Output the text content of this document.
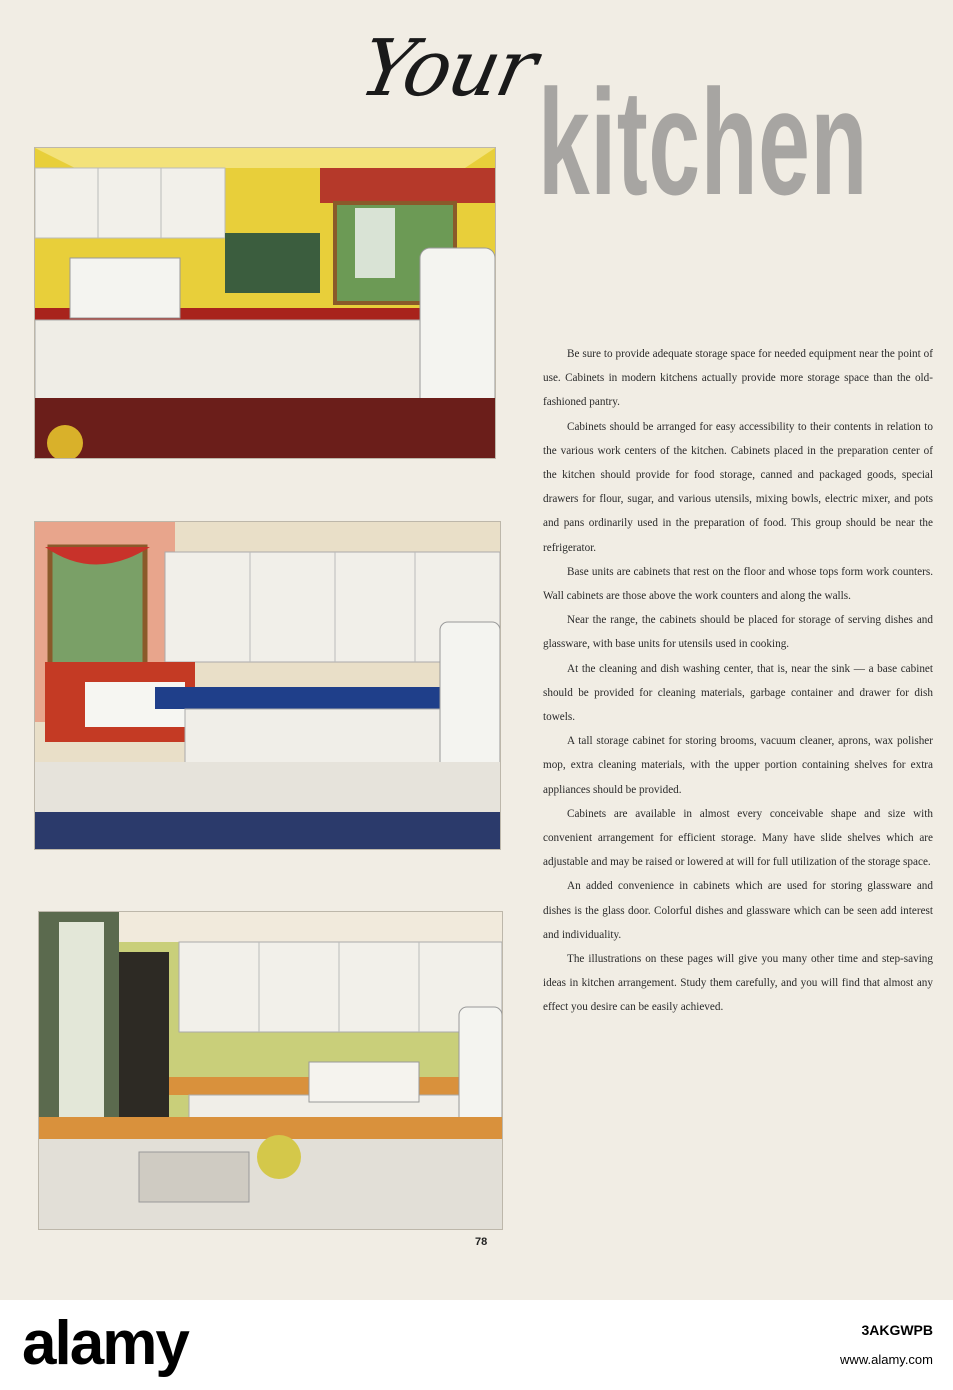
Your
kitchen

Be sure to provide adequate storage space for needed equipment near the point of use. Cabinets in modern kitchens actually provide more storage space than the old-fashioned pantry.

Cabinets should be arranged for easy accessibility to their contents in relation to the various work centers of the kitchen. Cabinets placed in the preparation center of the kitchen should provide for food storage, canned and packaged goods, special drawers for flour, sugar, and various utensils, mixing bowls, electric mixer, and pots and pans ordinarily used in the preparation of food. This group should be near the refrigerator.

Base units are cabinets that rest on the floor and whose tops form work counters. Wall cabinets are those above the work counters and along the walls.

Near the range, the cabinets should be placed for storage of serving dishes and glassware, with base units for utensils used in cooking.

At the cleaning and dish washing center, that is, near the sink — a base cabinet should be provided for cleaning materials, garbage container and drawer for dish towels.

A tall storage cabinet for storing brooms, vacuum cleaner, aprons, wax polisher mop, extra cleaning materials, with the upper portion containing shelves for extra appliances should be provided.

Cabinets are available in almost every conceivable shape and size with convenient arrangement for efficient storage. Many have slide shelves which are adjustable and may be raised or lowered at will for full utilization of the storage space.

An added convenience in cabinets which are used for storing glassware and dishes is the glass door. Colorful dishes and glassware which can be seen add interest and individuality.

The illustrations on these pages will give you many other time and step-saving ideas in kitchen arrangement. Study them carefully, and you will find that almost any effect you desire can be easily achieved.

78
alamy	3AKGWPB
www.alamy.com
